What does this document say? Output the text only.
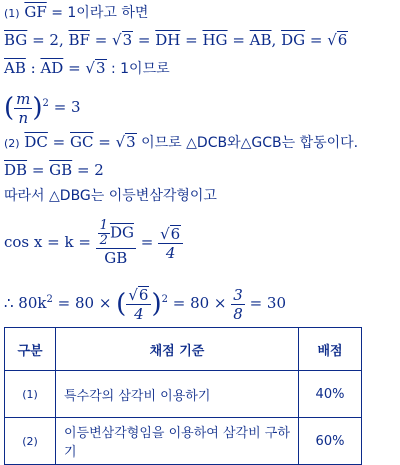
(1) $\overline{GF} = 1$이라고 하면
$\overline{BG} = 2$, $\overline{BF} = √3 = \overline{DH} = \overline{HG} = \overline{AB}$, $\overline{DG} = √6$
$\overline{AB}$ : $\overline{AD} = √3$ : 1이므로
( $\frac{m}{n} )^2 = 3$
(2) $\overline{DC} = \overline{GC} = √3$ 이므로 △DCB와△GCB는 합동이다.
$\overline{DB} = \overline{GB} = 2$
따라서 △DBG는 이등변삼각형이고
$\cos x = k = \frac{\frac{1}{2} \overline{DG}}{GB} = \frac{√6}{4}$
∴ $80k^2 = 80$ × ( $\frac{√6}{4} )^2 = 80 \times \frac{3}{8} = 30$
구분	채점 기준	배점
(1)	특수각의 삼각비 이용하기	40%
(2)	이등변삼각형임을 이용하여 삼각비 구하기	60%
